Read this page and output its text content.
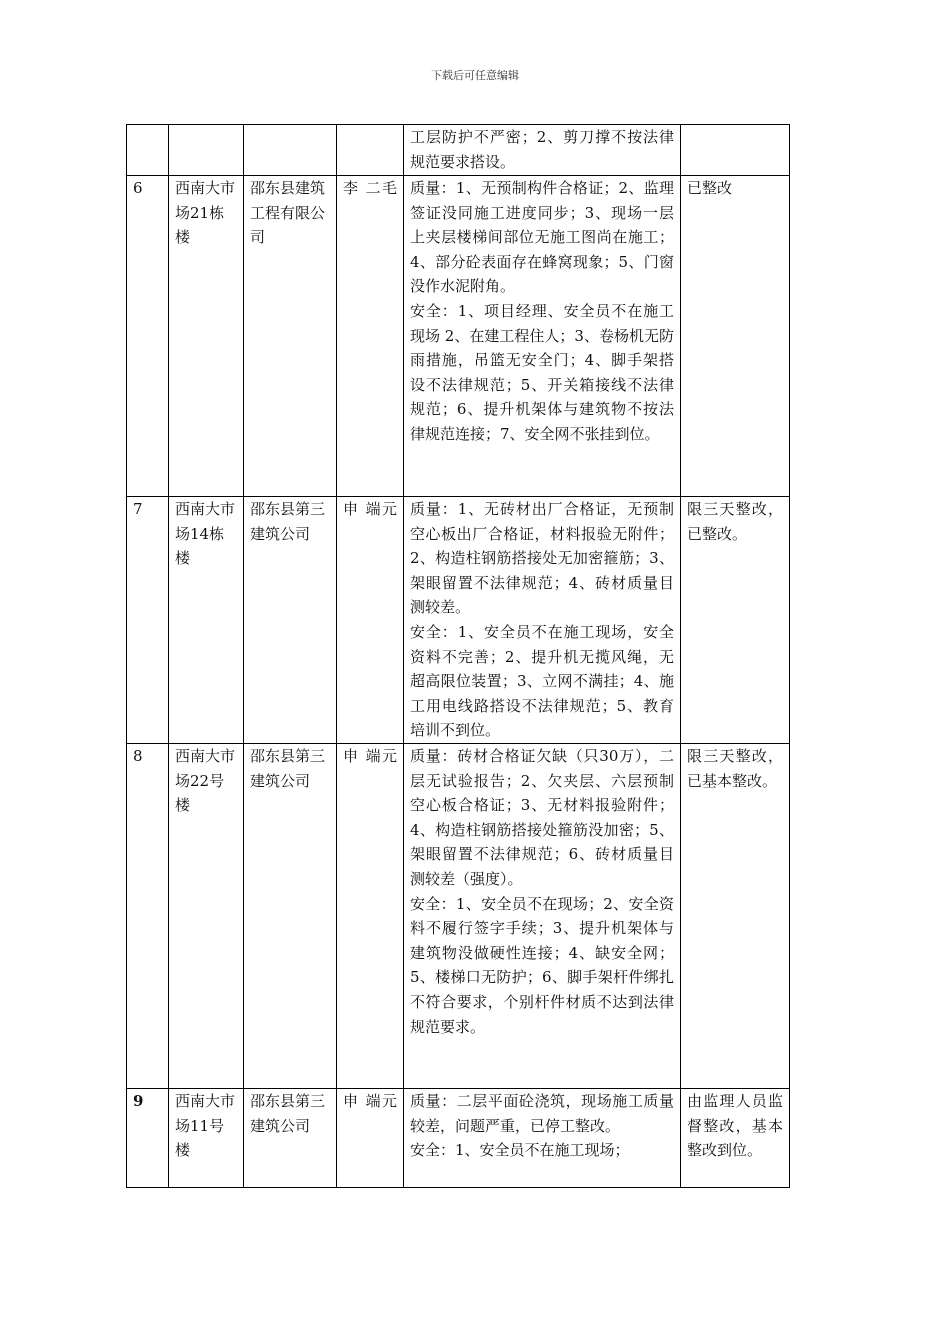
下载后可任意编辑

				工层防护不严密；2、剪刀撑不按法律规范要求搭设。	

6	西南大市场21栋楼	邵东县建筑工程有限公司	李 二毛	质量：1、无预制构件合格证；2、监理签证没同施工进度同步；3、现场一层上夹层楼梯间部位无施工图尚在施工；4、部分砼表面存在蜂窝现象；5、门窗没作水泥附角。
安全：1、项目经理、安全员不在施工现场 2、在建工程住人；3、卷杨机无防雨措施，吊篮无安全门；4、脚手架搭设不法律规范；5、开关箱接线不法律规范；6、提升机架体与建筑物不按法律规范连接；7、安全网不张挂到位。	已整改
7	西南大市场14栋楼	邵东县第三建筑公司	申 端元	质量：1、无砖材出厂合格证，无预制空心板出厂合格证，材料报验无附件；2、构造柱钢筋搭接处无加密箍筋；3、架眼留置不法律规范；4、砖材质量目测较差。
安全：1、安全员不在施工现场，安全资料不完善；2、提升机无揽风绳，无超高限位装置；3、立网不满挂；4、施工用电线路搭设不法律规范；5、教育培训不到位。	限三天整改，已整改。
8	西南大市场22号楼	邵东县第三建筑公司	申 端元	质量：砖材合格证欠缺（只30万），二层无试验报告；2、欠夹层、六层预制空心板合格证；3、无材料报验附件；4、构造柱钢筋搭接处箍筋没加密；5、架眼留置不法律规范；6、砖材质量目测较差（强度）。
安全：1、安全员不在现场；2、安全资料不履行签字手续；3、提升机架体与建筑物没做硬性连接；4、缺安全网；5、楼梯口无防护；6、脚手架杆件绑扎不符合要求，个别杆件材质不达到法律规范要求。	限三天整改，已基本整改。
9	西南大市场11号楼	邵东县第三建筑公司	申 端元	质量：二层平面砼浇筑，现场施工质量较差，问题严重，已停工整改。
安全：1、安全员不在施工现场；	由监理人员监督整改，基本整改到位。
